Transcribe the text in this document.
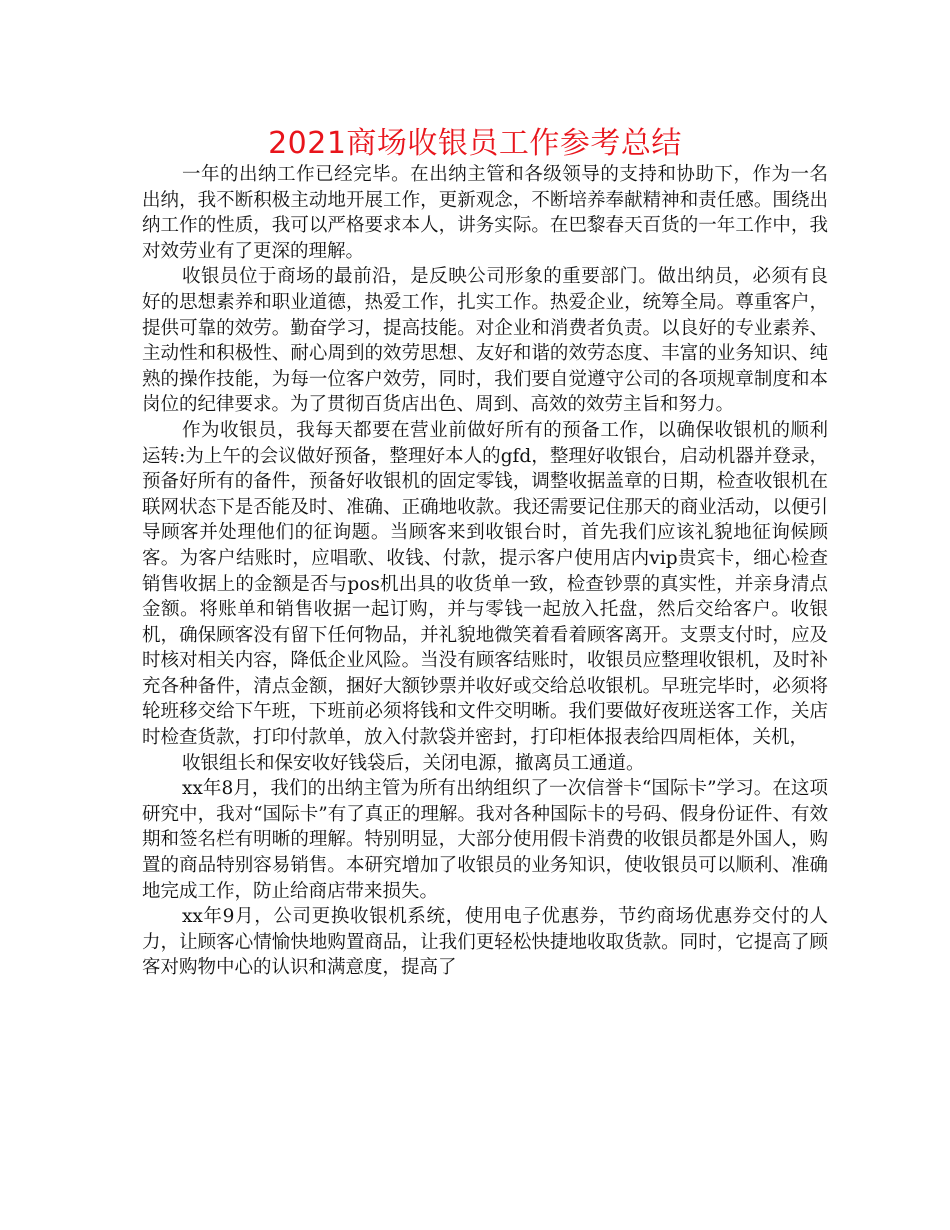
2021商场收银员工作参考总结

一年的出纳工作已经完毕。在出纳主管和各级领导的支持和协助下，作为一名出纳，我不断积极主动地开展工作，更新观念，不断培养奉献精神和责任感。围绕出纳工作的性质，我可以严格要求本人，讲务实际。在巴黎春天百货的一年工作中，我对效劳业有了更深的理解。

收银员位于商场的最前沿，是反映公司形象的重要部门。做出纳员，必须有良好的思想素养和职业道德，热爱工作，扎实工作。热爱企业，统筹全局。尊重客户，提供可靠的效劳。勤奋学习，提高技能。对企业和消费者负责。以良好的专业素养、主动性和积极性、耐心周到的效劳思想、友好和谐的效劳态度、丰富的业务知识、纯熟的操作技能，为每一位客户效劳，同时，我们要自觉遵守公司的各项规章制度和本岗位的纪律要求。为了贯彻百货店出色、周到、高效的效劳主旨和努力。

作为收银员，我每天都要在营业前做好所有的预备工作，以确保收银机的顺利运转:为上午的会议做好预备，整理好本人的gfd，整理好收银台，启动机器并登录，预备好所有的备件，预备好收银机的固定零钱，调整收据盖章的日期，检查收银机在联网状态下是否能及时、准确、正确地收款。我还需要记住那天的商业活动，以便引导顾客并处理他们的征询题。当顾客来到收银台时，首先我们应该礼貌地征询候顾客。为客户结账时，应唱歌、收钱、付款，提示客户使用店内vip贵宾卡，细心检查销售收据上的金额是否与pos机出具的收货单一致，检查钞票的真实性，并亲身清点金额。将账单和销售收据一起订购，并与零钱一起放入托盘，然后交给客户。收银机，确保顾客没有留下任何物品，并礼貌地微笑着看着顾客离开。支票支付时，应及时核对相关内容，降低企业风险。当没有顾客结账时，收银员应整理收银机，及时补充各种备件，清点金额，捆好大额钞票并收好或交给总收银机。早班完毕时，必须将轮班移交给下午班，下班前必须将钱和文件交明晰。我们要做好夜班送客工作，关店时检查货款，打印付款单，放入付款袋并密封，打印柜体报表给四周柜体，关机，

收银组长和保安收好钱袋后，关闭电源，撤离员工通道。

xx年8月，我们的出纳主管为所有出纳组织了一次信誉卡“国际卡”学习。在这项研究中，我对“国际卡”有了真正的理解。我对各种国际卡的号码、假身份证件、有效期和签名栏有明晰的理解。特别明显，大部分使用假卡消费的收银员都是外国人，购置的商品特别容易销售。本研究增加了收银员的业务知识，使收银员可以顺利、准确地完成工作，防止给商店带来损失。

xx年9月，公司更换收银机系统，使用电子优惠券，节约商场优惠券交付的人力，让顾客心情愉快地购置商品，让我们更轻松快捷地收取货款。同时，它提高了顾客对购物中心的认识和满意度，提高了
